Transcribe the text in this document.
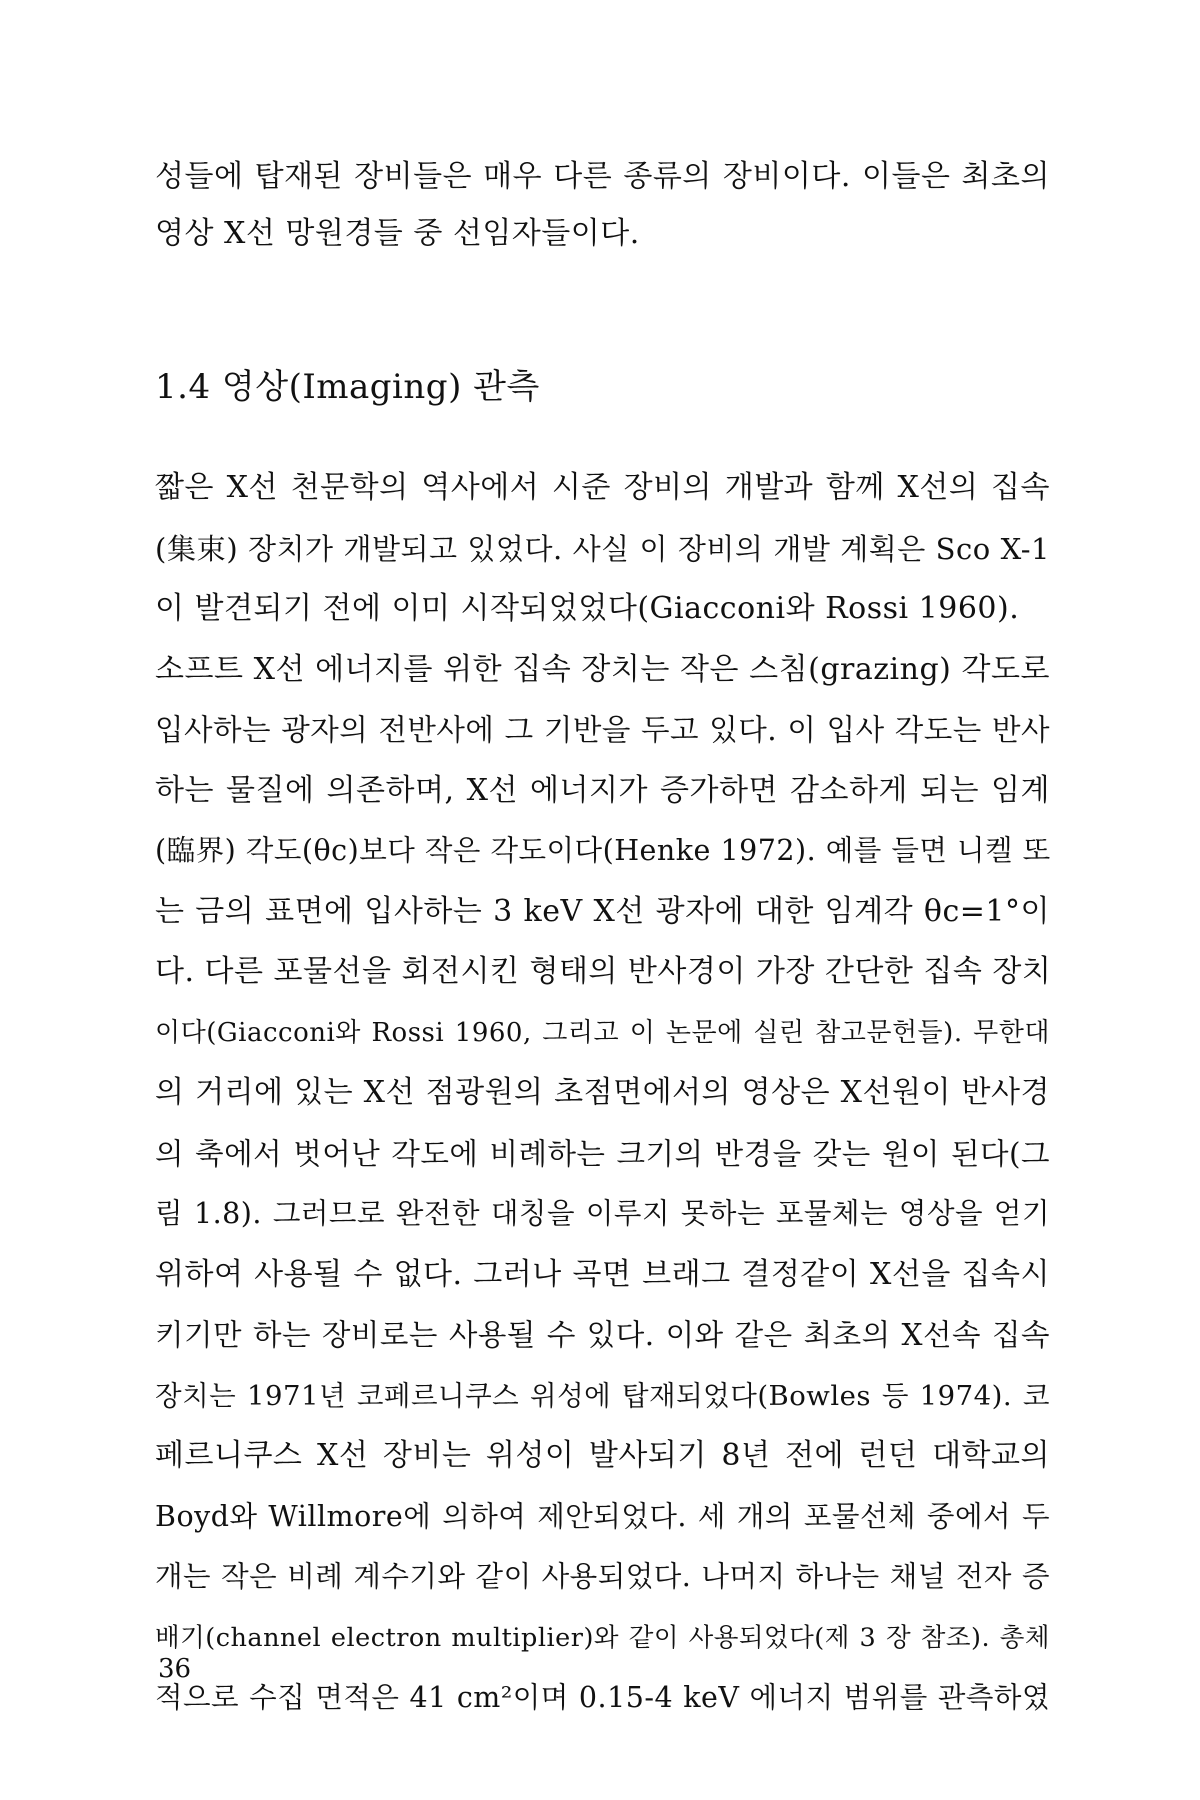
성들에 탑재된 장비들은 매우 다른 종류의 장비이다. 이들은 최초의
영상 X선 망원경들 중 선임자들이다.
1.4 영상(Imaging) 관측
짧은 X선 천문학의 역사에서 시준 장비의 개발과 함께 X선의 집속
(集束) 장치가 개발되고 있었다. 사실 이 장비의 개발 계획은 Sco X-1
이 발견되기 전에 이미 시작되었었다(Giacconi와 Rossi 1960).
소프트 X선 에너지를 위한 집속 장치는 작은 스침(grazing) 각도로
입사하는 광자의 전반사에 그 기반을 두고 있다. 이 입사 각도는 반사
하는 물질에 의존하며, X선 에너지가 증가하면 감소하게 되는 임계
(臨界) 각도(θc)보다 작은 각도이다(Henke 1972). 예를 들면 니켈 또
는 금의 표면에 입사하는 3 keV X선 광자에 대한 임계각 θc=1°이
다. 다른 포물선을 회전시킨 형태의 반사경이 가장 간단한 집속 장치
이다(Giacconi와 Rossi 1960, 그리고 이 논문에 실린 참고문헌들). 무한대
의 거리에 있는 X선 점광원의 초점면에서의 영상은 X선원이 반사경
의 축에서 벗어난 각도에 비례하는 크기의 반경을 갖는 원이 된다(그
림 1.8). 그러므로 완전한 대칭을 이루지 못하는 포물체는 영상을 얻기
위하여 사용될 수 없다. 그러나 곡면 브래그 결정같이 X선을 집속시
키기만 하는 장비로는 사용될 수 있다. 이와 같은 최초의 X선속 집속
장치는 1971년 코페르니쿠스 위성에 탑재되었다(Bowles 등 1974). 코
페르니쿠스 X선 장비는 위성이 발사되기 8년 전에 런던 대학교의
Boyd와 Willmore에 의하여 제안되었다. 세 개의 포물선체 중에서 두
개는 작은 비례 계수기와 같이 사용되었다. 나머지 하나는 채널 전자 증
배기(channel electron multiplier)와 같이 사용되었다(제 3 장 참조). 총체
적으로 수집 면적은 41 cm²이며 0.15-4 keV 에너지 범위를 관측하였
36
